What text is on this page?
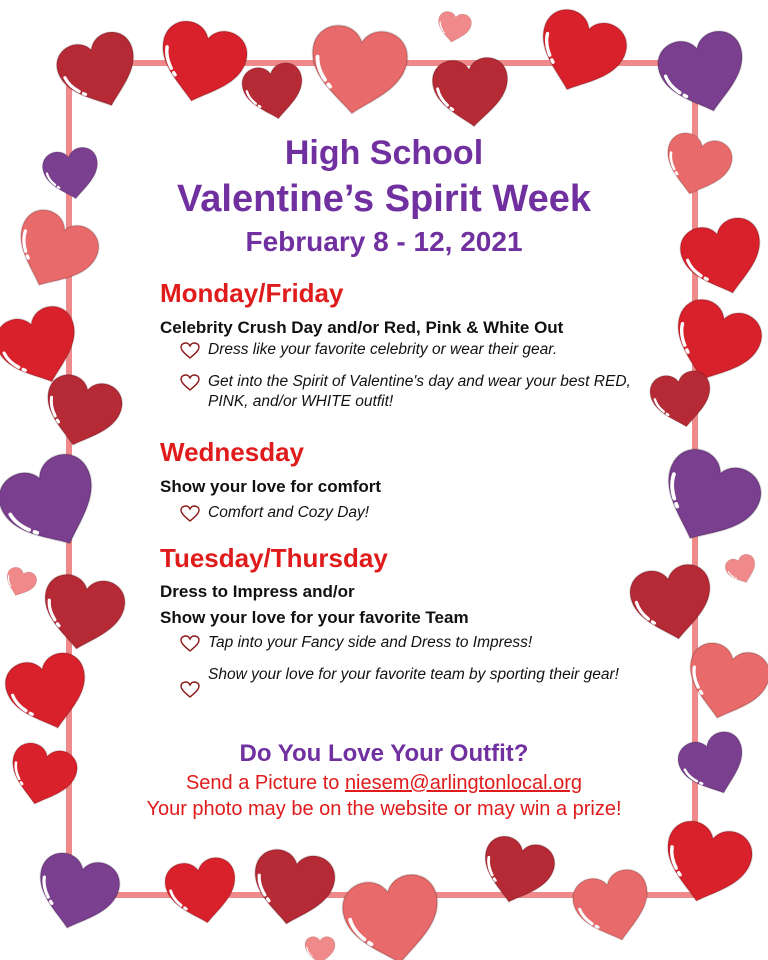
High School
Valentine’s Spirit Week
February 8 - 12, 2021
Monday/Friday
Celebrity Crush Day and/or Red, Pink & White Out
Dress like your favorite celebrity or wear their gear.
Get into the Spirit of Valentine's day and wear your best RED, PINK, and/or WHITE outfit!
Wednesday
Show your love for comfort
Comfort and Cozy Day!
Tuesday/Thursday
Dress to Impress and/or
Show your love for your favorite Team
Tap into your Fancy side and Dress to Impress!
Show your love for your favorite team by sporting their gear!
Do You Love Your Outfit?
Send a Picture to niesem@arlingtonlocal.org
Your photo may be on the website or may win a prize!
